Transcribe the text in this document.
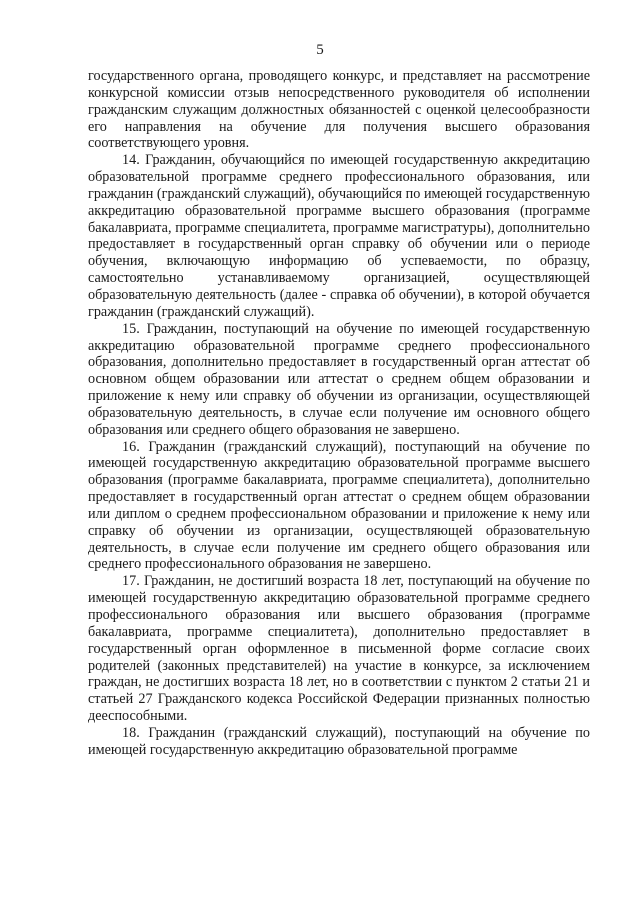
5

государственного органа, проводящего конкурс, и представляет на рассмотрение конкурсной комиссии отзыв непосредственного руководителя об исполнении гражданским служащим должностных обязанностей с оценкой целесообразности его направления на обучение для получения высшего образования соответствующего уровня.

14. Гражданин, обучающийся по имеющей государственную аккредитацию образовательной программе среднего профессионального образования, или гражданин (гражданский служащий), обучающийся по имеющей государственную аккредитацию образовательной программе высшего образования (программе бакалавриата, программе специалитета, программе магистратуры), дополнительно предоставляет в государственный орган справку об обучении или о периоде обучения, включающую информацию об успеваемости, по образцу, самостоятельно устанавливаемому организацией, осуществляющей образовательную деятельность (далее - справка об обучении), в которой обучается гражданин (гражданский служащий).

15. Гражданин, поступающий на обучение по имеющей государственную аккредитацию образовательной программе среднего профессионального образования, дополнительно предоставляет в государственный орган аттестат об основном общем образовании или аттестат о среднем общем образовании и приложение к нему или справку об обучении из организации, осуществляющей образовательную деятельность, в случае если получение им основного общего образования или среднего общего образования не завершено.

16. Гражданин (гражданский служащий), поступающий на обучение по имеющей государственную аккредитацию образовательной программе высшего образования (программе бакалавриата, программе специалитета), дополнительно предоставляет в государственный орган аттестат о среднем общем образовании или диплом о среднем профессиональном образовании и приложение к нему или справку об обучении из организации, осуществляющей образовательную деятельность, в случае если получение им среднего общего образования или среднего профессионального образования не завершено.

17. Гражданин, не достигший возраста 18 лет, поступающий на обучение по имеющей государственную аккредитацию образовательной программе среднего профессионального образования или высшего образования (программе бакалавриата, программе специалитета), дополнительно предоставляет в государственный орган оформленное в письменной форме согласие своих родителей (законных представителей) на участие в конкурсе, за исключением граждан, не достигших возраста 18 лет, но в соответствии с пунктом 2 статьи 21 и статьей 27 Гражданского кодекса Российской Федерации признанных полностью дееспособными.

18. Гражданин (гражданский служащий), поступающий на обучение по имеющей государственную аккредитацию образовательной программе
